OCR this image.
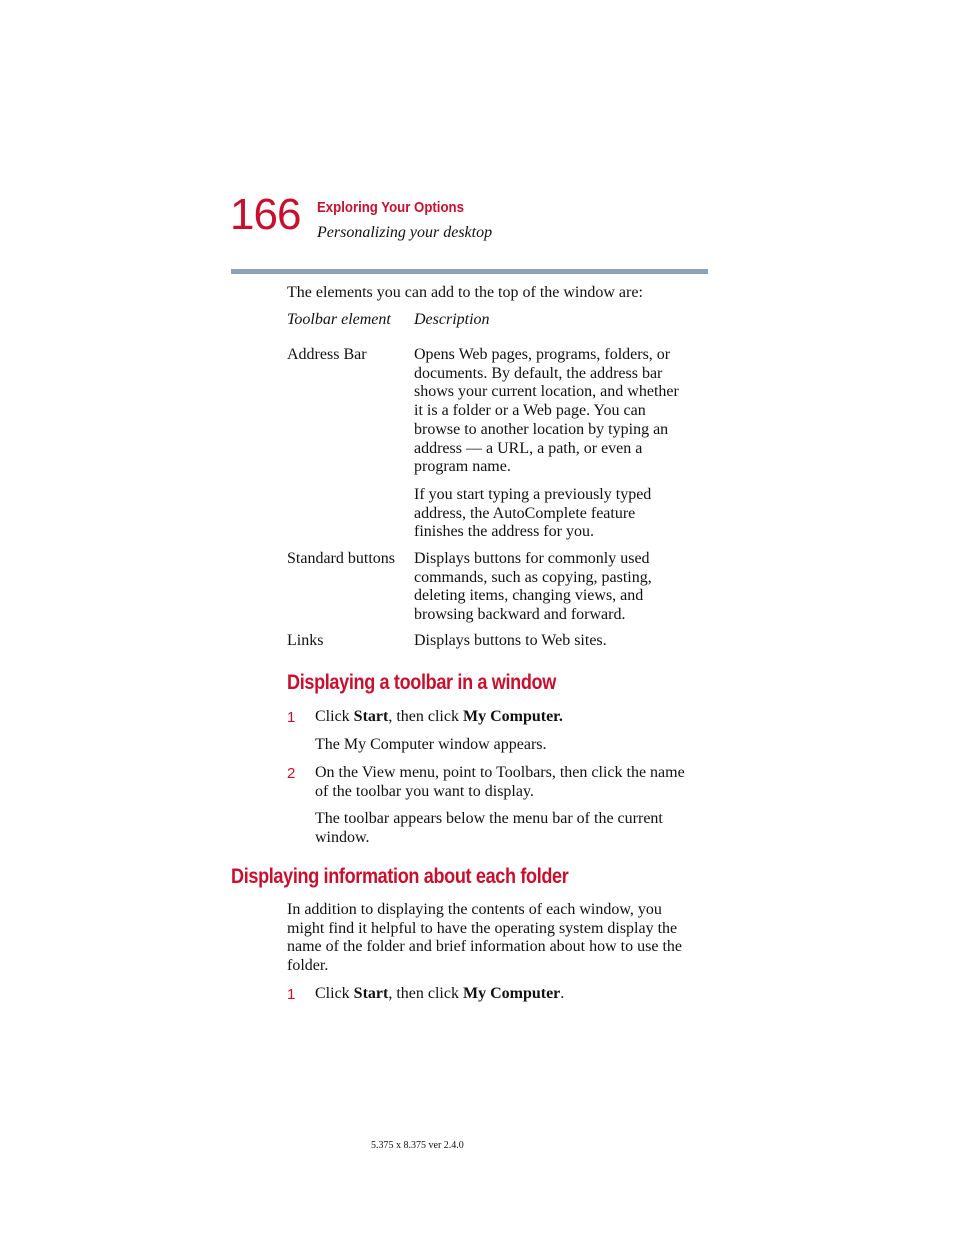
166 Exploring Your Options
Personalizing your desktop
The elements you can add to the top of the window are:
Toolbar element	Description
Address Bar	Opens Web pages, programs, folders, or
documents. By default, the address bar
shows your current location, and whether
it is a folder or a Web page. You can
browse to another location by typing an
address — a URL, a path, or even a
program name.
If you start typing a previously typed
address, the AutoComplete feature
finishes the address for you.
Standard buttons	Displays buttons for commonly used
commands, such as copying, pasting,
deleting items, changing views, and
browsing backward and forward.
Links	Displays buttons to Web sites.
Displaying a toolbar in a window
1 Click Start, then click My Computer.
The My Computer window appears.
2 On the View menu, point to Toolbars, then click the name
of the toolbar you want to display.
The toolbar appears below the menu bar of the current
window.
Displaying information about each folder
In addition to displaying the contents of each window, you
might find it helpful to have the operating system display the
name of the folder and brief information about how to use the
folder.
1 Click Start, then click My Computer.
5.375 x 8.375 ver 2.4.0
